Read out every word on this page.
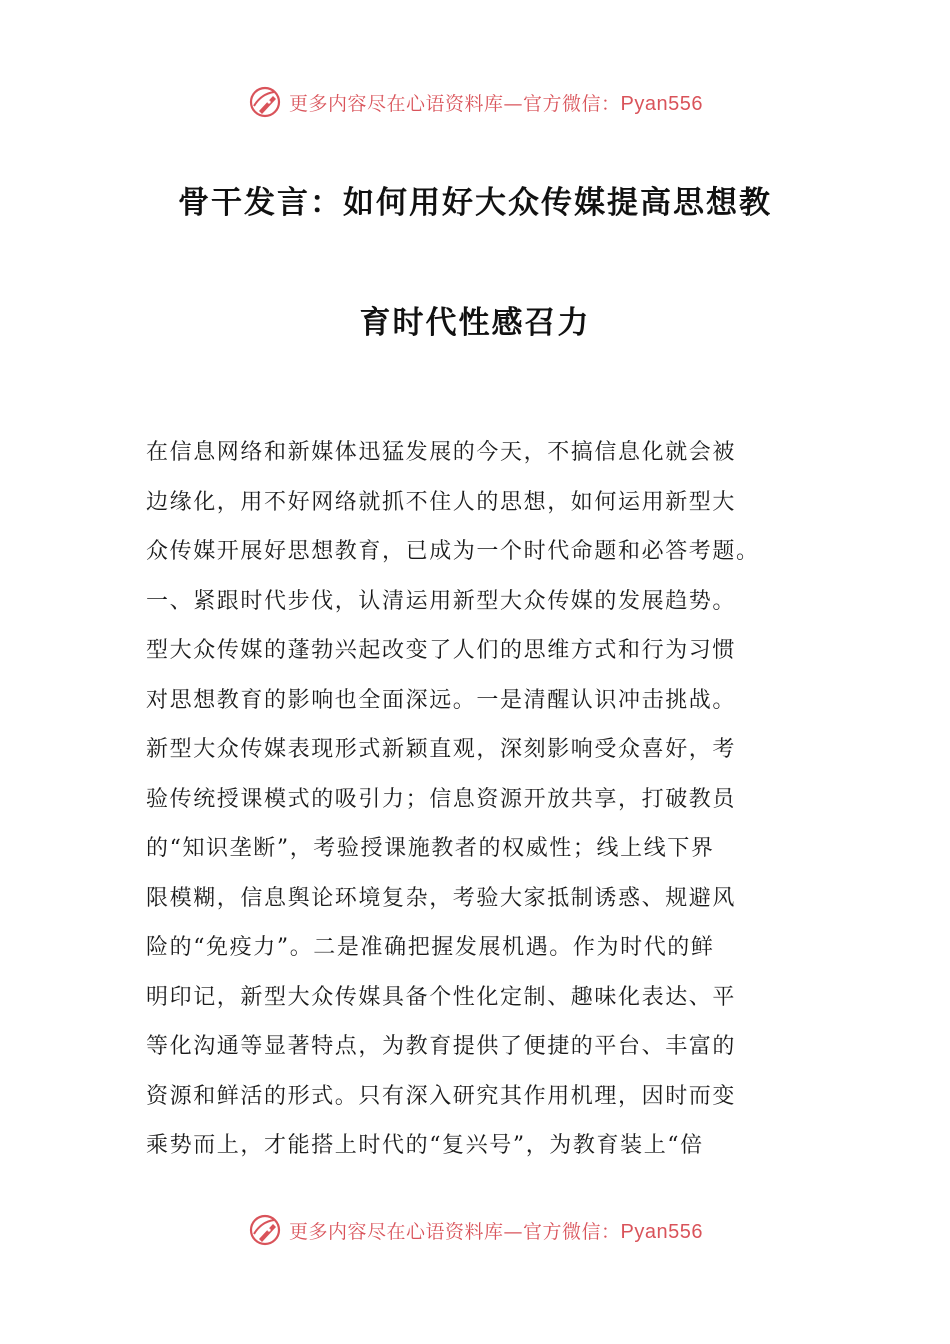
更多内容尽在心语资料库—官方微信：Pyan556
骨干发言：如何用好大众传媒提高思想教
育时代性感召力
在信息网络和新媒体迅猛发展的今天，不搞信息化就会被
边缘化，用不好网络就抓不住人的思想，如何运用新型大
众传媒开展好思想教育，已成为一个时代命题和必答考题。
一、紧跟时代步伐，认清运用新型大众传媒的发展趋势。
型大众传媒的蓬勃兴起改变了人们的思维方式和行为习惯
对思想教育的影响也全面深远。一是清醒认识冲击挑战。
新型大众传媒表现形式新颖直观，深刻影响受众喜好，考
验传统授课模式的吸引力；信息资源开放共享，打破教员
的“知识垄断”，考验授课施教者的权威性；线上线下界
限模糊，信息舆论环境复杂，考验大家抵制诱惑、规避风
险的“免疫力”。二是准确把握发展机遇。作为时代的鲜
明印记，新型大众传媒具备个性化定制、趣味化表达、平
等化沟通等显著特点，为教育提供了便捷的平台、丰富的
资源和鲜活的形式。只有深入研究其作用机理，因时而变
乘势而上，才能搭上时代的“复兴号”，为教育装上“倍
更多内容尽在心语资料库—官方微信：Pyan556
